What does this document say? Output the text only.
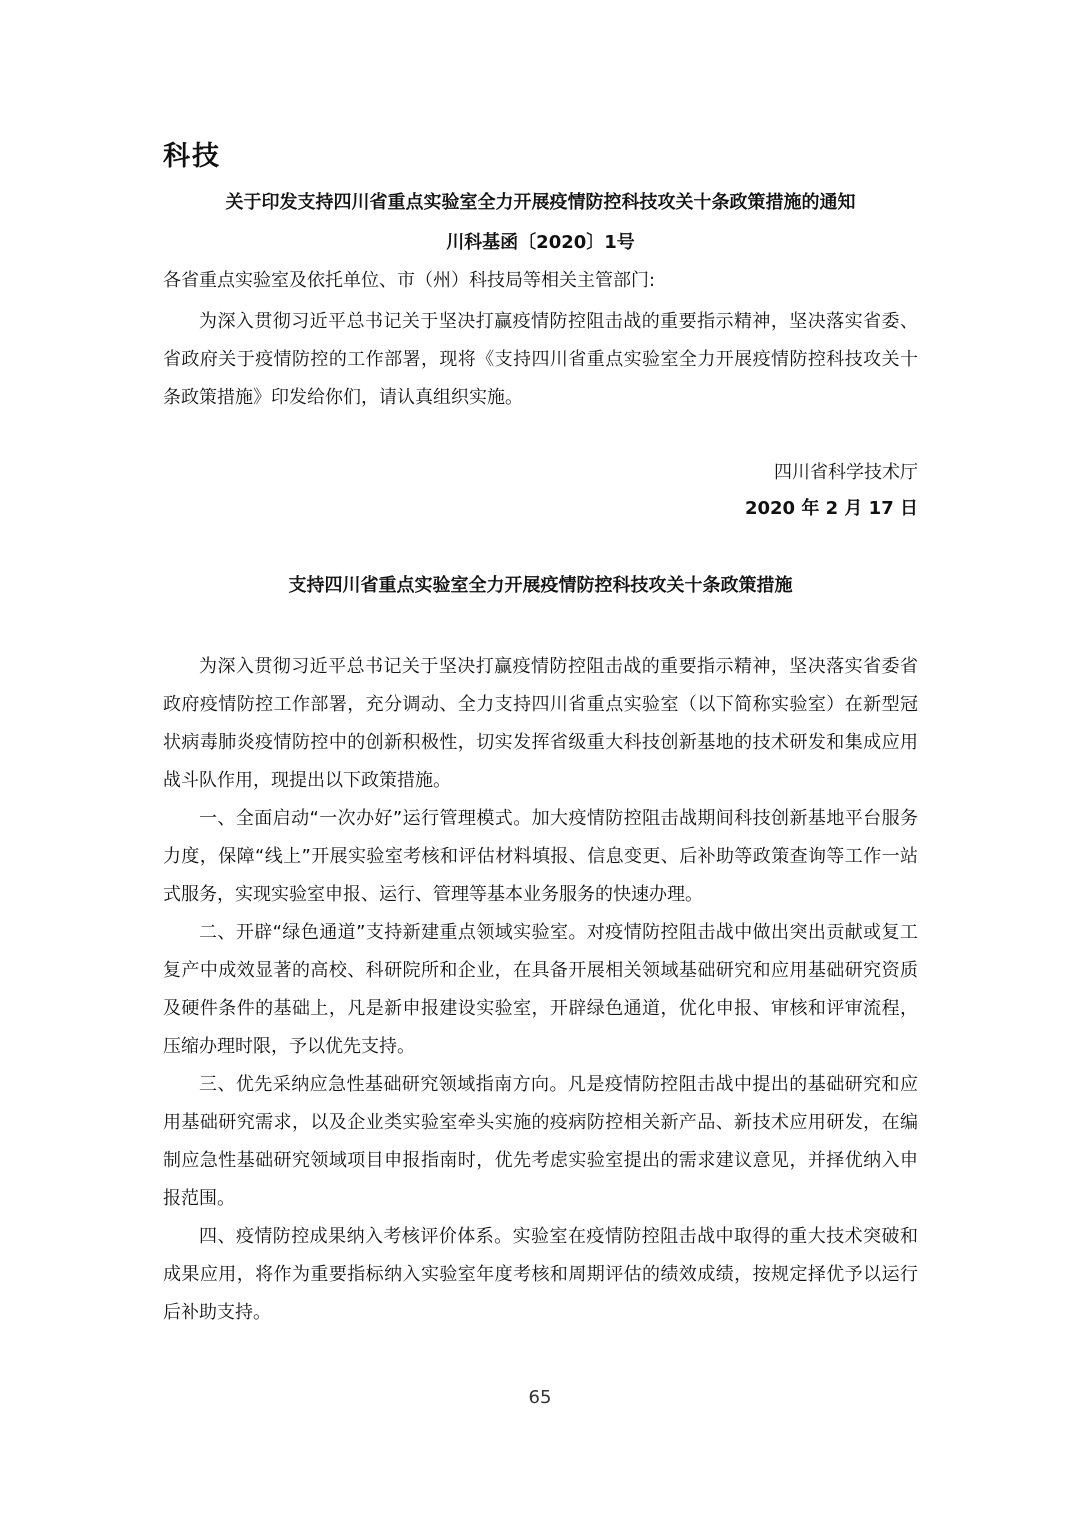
科技
关于印发支持四川省重点实验室全力开展疫情防控科技攻关十条政策措施的通知
川科基函〔2020〕1号

各省重点实验室及依托单位、市（州）科技局等相关主管部门:

为深入贯彻习近平总书记关于坚决打赢疫情防控阻击战的重要指示精神，坚决落实省委、省政府关于疫情防控的工作部署，现将《支持四川省重点实验室全力开展疫情防控科技攻关十条政策措施》印发给你们，请认真组织实施。

四川省科学技术厅

2020 年 2 月 17 日

支持四川省重点实验室全力开展疫情防控科技攻关十条政策措施

为深入贯彻习近平总书记关于坚决打赢疫情防控阻击战的重要指示精神，坚决落实省委省政府疫情防控工作部署，充分调动、全力支持四川省重点实验室（以下简称实验室）在新型冠状病毒肺炎疫情防控中的创新积极性，切实发挥省级重大科技创新基地的技术研发和集成应用战斗队作用，现提出以下政策措施。

一、全面启动“一次办好”运行管理模式。加大疫情防控阻击战期间科技创新基地平台服务力度，保障“线上”开展实验室考核和评估材料填报、信息变更、后补助等政策查询等工作一站式服务，实现实验室申报、运行、管理等基本业务服务的快速办理。

二、开辟“绿色通道”支持新建重点领域实验室。对疫情防控阻击战中做出突出贡献或复工复产中成效显著的高校、科研院所和企业，在具备开展相关领域基础研究和应用基础研究资质及硬件条件的基础上，凡是新申报建设实验室，开辟绿色通道，优化申报、审核和评审流程，压缩办理时限，予以优先支持。

三、优先采纳应急性基础研究领域指南方向。凡是疫情防控阻击战中提出的基础研究和应用基础研究需求，以及企业类实验室牵头实施的疫病防控相关新产品、新技术应用研发，在编制应急性基础研究领域项目申报指南时，优先考虑实验室提出的需求建议意见，并择优纳入申报范围。

四、疫情防控成果纳入考核评价体系。实验室在疫情防控阻击战中取得的重大技术突破和成果应用，将作为重要指标纳入实验室年度考核和周期评估的绩效成绩，按规定择优予以运行后补助支持。

65
